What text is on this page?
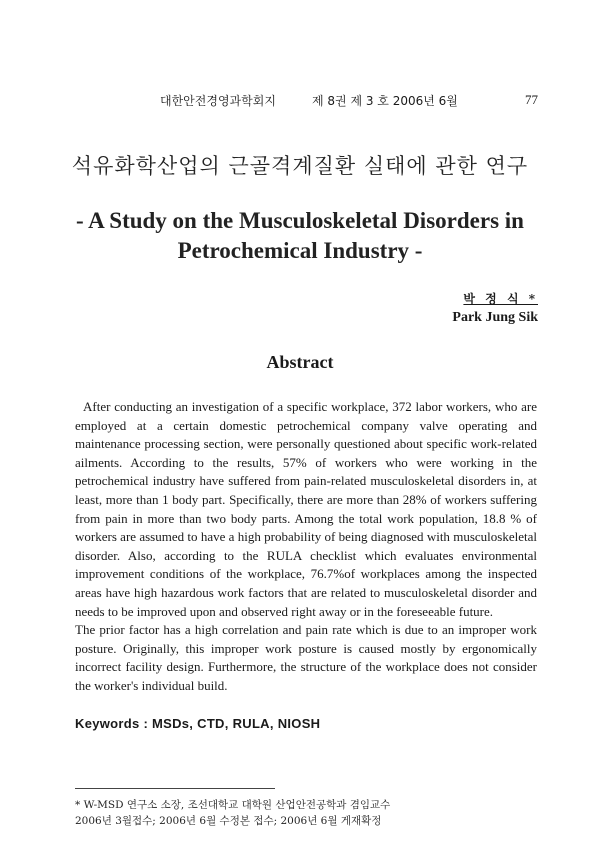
대한안전경영과학회지	제 8권 제 3 호 2006년 6월	77
석유화학산업의 근골격계질환 실태에 관한 연구
- A Study on the Musculoskeletal Disorders in
Petrochemical Industry -
박 정 식 *
Park Jung Sik
Abstract

After conducting an investigation of a specific workplace, 372 labor workers, who are employed at a certain domestic petrochemical company valve operating and maintenance processing section, were personally questioned about specific work-related ailments. According to the results, 57% of workers who were working in the petrochemical industry have suffered from pain-related musculoskeletal disorders in, at least, more than 1 body part. Specifically, there are more than 28% of workers suffering from pain in more than two body parts. Among the total work population, 18.8 % of workers are assumed to have a high probability of being diagnosed with musculoskeletal disorder. Also, according to the RULA checklist which evaluates environmental improvement conditions of the workplace, 76.7%of workplaces among the inspected areas have high hazardous work factors that are related to musculoskeletal disorder and needs to be improved upon and observed right away or in the foreseeable future.

The prior factor has a high correlation and pain rate which is due to an improper work posture. Originally, this improper work posture is caused mostly by ergonomically incorrect facility design. Furthermore, the structure of the workplace does not consider the worker's individual build.

Keywords : MSDs, CTD, RULA, NIOSH
* W-MSD 연구소 소장, 조선대학교 대학원 산업안전공학과 겸임교수
2006년 3월접수; 2006년 6월 수정본 접수; 2006년 6월 게재확정
